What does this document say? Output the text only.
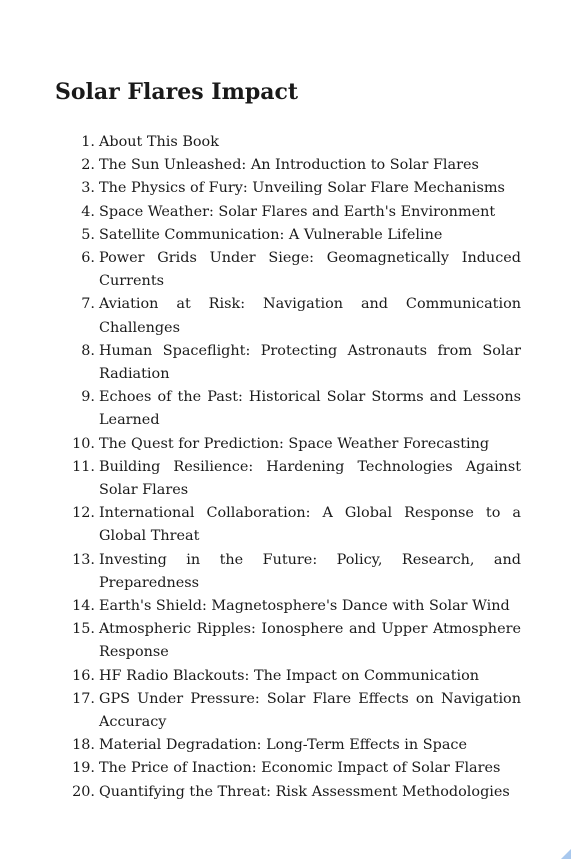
Solar Flares Impact
1. About This Book
2. The Sun Unleashed: An Introduction to Solar Flares
3. The Physics of Fury: Unveiling Solar Flare Mechanisms
4. Space Weather: Solar Flares and Earth's Environment
5. Satellite Communication: A Vulnerable Lifeline
6. Power Grids Under Siege: Geomagnetically Induced Currents
7. Aviation at Risk: Navigation and Communication Challenges
8. Human Spaceflight: Protecting Astronauts from Solar Radiation
9. Echoes of the Past: Historical Solar Storms and Lessons Learned
10. The Quest for Prediction: Space Weather Forecasting
11. Building Resilience: Hardening Technologies Against Solar Flares
12. International Collaboration: A Global Response to a Global Threat
13. Investing in the Future: Policy, Research, and Preparedness
14. Earth's Shield: Magnetosphere's Dance with Solar Wind
15. Atmospheric Ripples: Ionosphere and Upper Atmosphere Response
16. HF Radio Blackouts: The Impact on Communication
17. GPS Under Pressure: Solar Flare Effects on Navigation Accuracy
18. Material Degradation: Long-Term Effects in Space
19. The Price of Inaction: Economic Impact of Solar Flares
20. Quantifying the Threat: Risk Assessment Methodologies
